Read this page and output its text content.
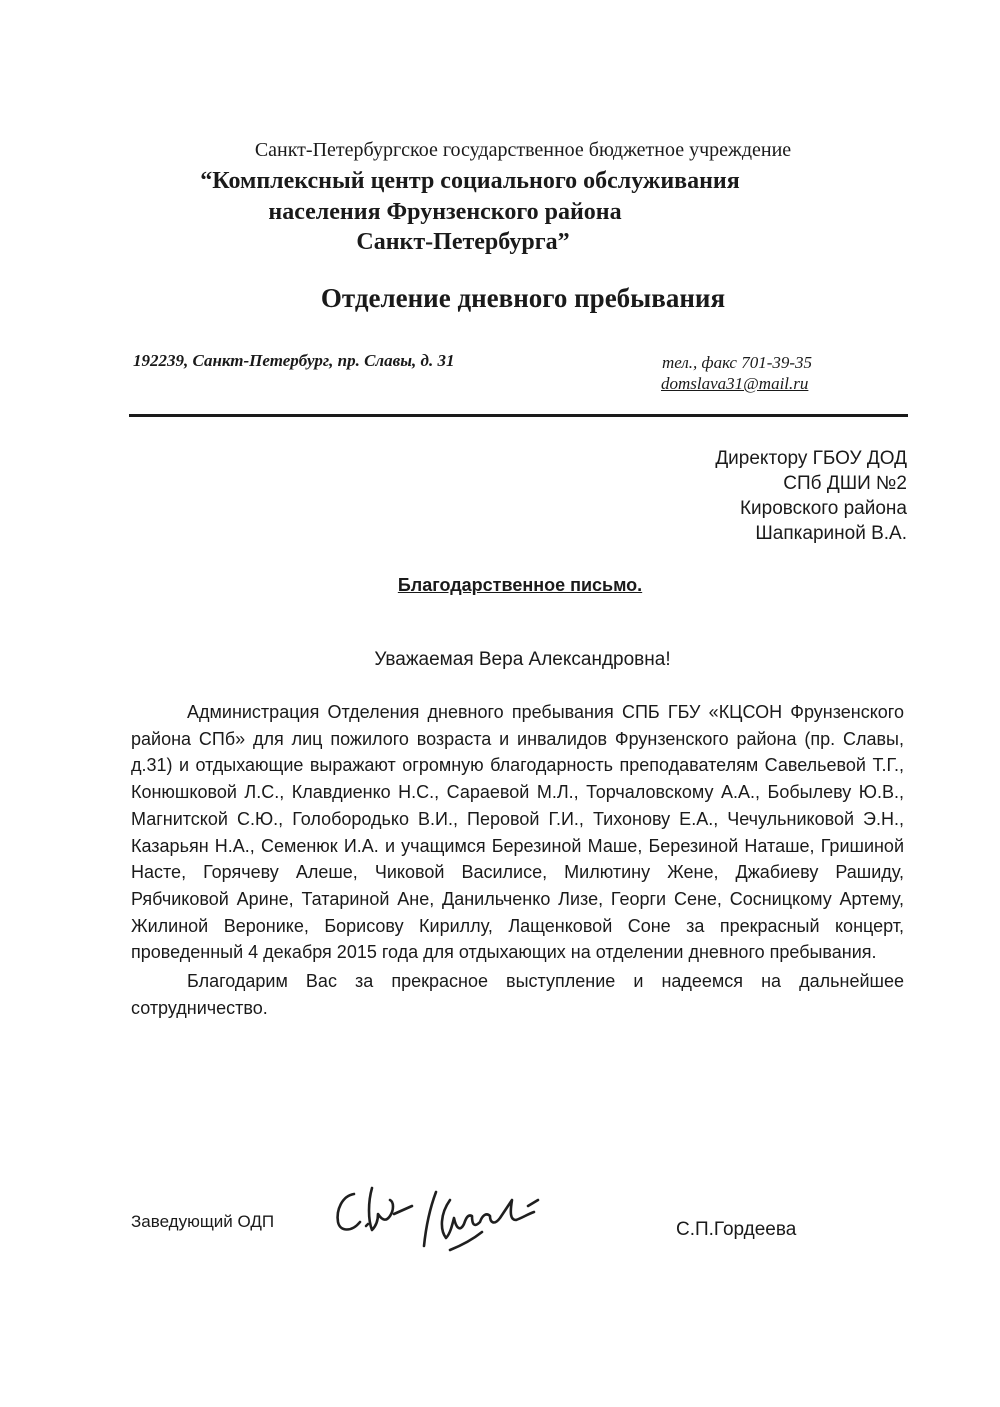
Санкт-Петербургское государственное бюджетное учреждение
“Комплексный центр социального обслуживания
населения Фрунзенского района
Санкт-Петербурга”
Отделение дневного пребывания
192239, Санкт-Петербург, пр. Славы, д. 31	тел., факс 701-39-35
domslava31@mail.ru
Директору ГБОУ ДОД
СПб ДШИ №2
Кировского района
Шапкариной В.А.
Благодарственное письмо.
Уважаемая Вера Александровна!

Администрация Отделения дневного пребывания СПБ ГБУ «КЦСОН Фрунзенского района СПб» для лиц пожилого возраста и инвалидов Фрунзенского района (пр. Славы, д.31) и отдыхающие выражают огромную благодарность преподавателям Савельевой Т.Г., Конюшковой Л.С., Клавдиенко Н.С., Сараевой М.Л., Торчаловскому А.А., Бобылеву Ю.В., Магнитской С.Ю., Голобородько В.И., Перовой Г.И., Тихонову Е.А., Чечульниковой Э.Н., Казарьян Н.А., Семенюк И.А. и учащимся Березиной Маше, Березиной Наташе, Гришиной Насте, Горячеву Алеше, Чиковой Василисе, Милютину Жене, Джабиеву Рашиду, Рябчиковой Арине, Татариной Ане, Данильченко Лизе, Георги Сене, Сосницкому Артему, Жилиной Веронике, Борисову Кириллу, Лащенковой Соне за прекрасный концерт, проведенный 4 декабря 2015 года для отдыхающих на отделении дневного пребывания.

Благодарим Вас за прекрасное выступление и надеемся на дальнейшее сотрудничество.

Заведующий ОДП	С.П.Гордеева
